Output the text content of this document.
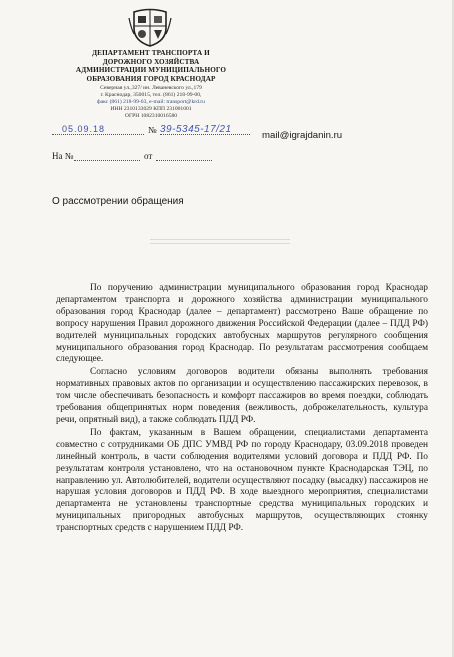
ДЕПАРТАМЕНТ ТРАНСПОРТА И
ДОРОЖНОГО ХОЗЯЙСТВА
АДМИНИСТРАЦИИ МУНИЦИПАЛЬНОГО
ОБРАЗОВАНИЯ ГОРОД КРАСНОДАР
Северная ул.,327/ ин. Леваневского ул.,179
г. Краснодар, 350015, тел. (861) 218-99-00,
факс (861) 218-99-03, e-mail: transport@krd.ru
ИНН 2310133029 КПП 231001001
ОГРН 1082310016580
05.09.18	№ 39-5345-17/21
mail@igrajdanin.ru
На №	от
О рассмотрении обращения

По поручению администрации муниципального образования город Краснодар департаментом транспорта и дорожного хозяйства администрации муниципального образования город Краснодар (далее – департамент) рассмотрено Ваше обращение по вопросу нарушения Правил дорожного движения Российской Федерации (далее – ПДД РФ) водителей муниципальных городских автобусных маршрутов регулярного сообщения муниципального образования город Краснодар. По результатам рассмотрения сообщаем следующее.

Согласно условиям договоров водители обязаны выполнять требования нормативных правовых актов по организации и осуществлению пассажирских перевозок, в том числе обеспечивать безопасность и комфорт пассажиров во время поездки, соблюдать требования общепринятых норм поведения (вежливость, доброжелательность, культура речи, опрятный вид), а также соблюдать ПДД РФ.

По фактам, указанным в Вашем обращении, специалистами департамента совместно с сотрудниками ОБ ДПС УМВД РФ по городу Краснодару, 03.09.2018 проведен линейный контроль, в части соблюдения водителями условий договора и ПДД РФ. По результатам контроля установлено, что на остановочном пункте Краснодарская ТЭЦ, по направлению ул. Автолюбителей, водители осуществляют посадку (высадку) пассажиров не нарушая условия договоров и ПДД РФ. В ходе выездного мероприятия, специалистами департамента не установлены транспортные средства муниципальных городских и муниципальных пригородных автобусных маршрутов, осуществляющих стоянку транспортных средств с нарушением ПДД РФ.
